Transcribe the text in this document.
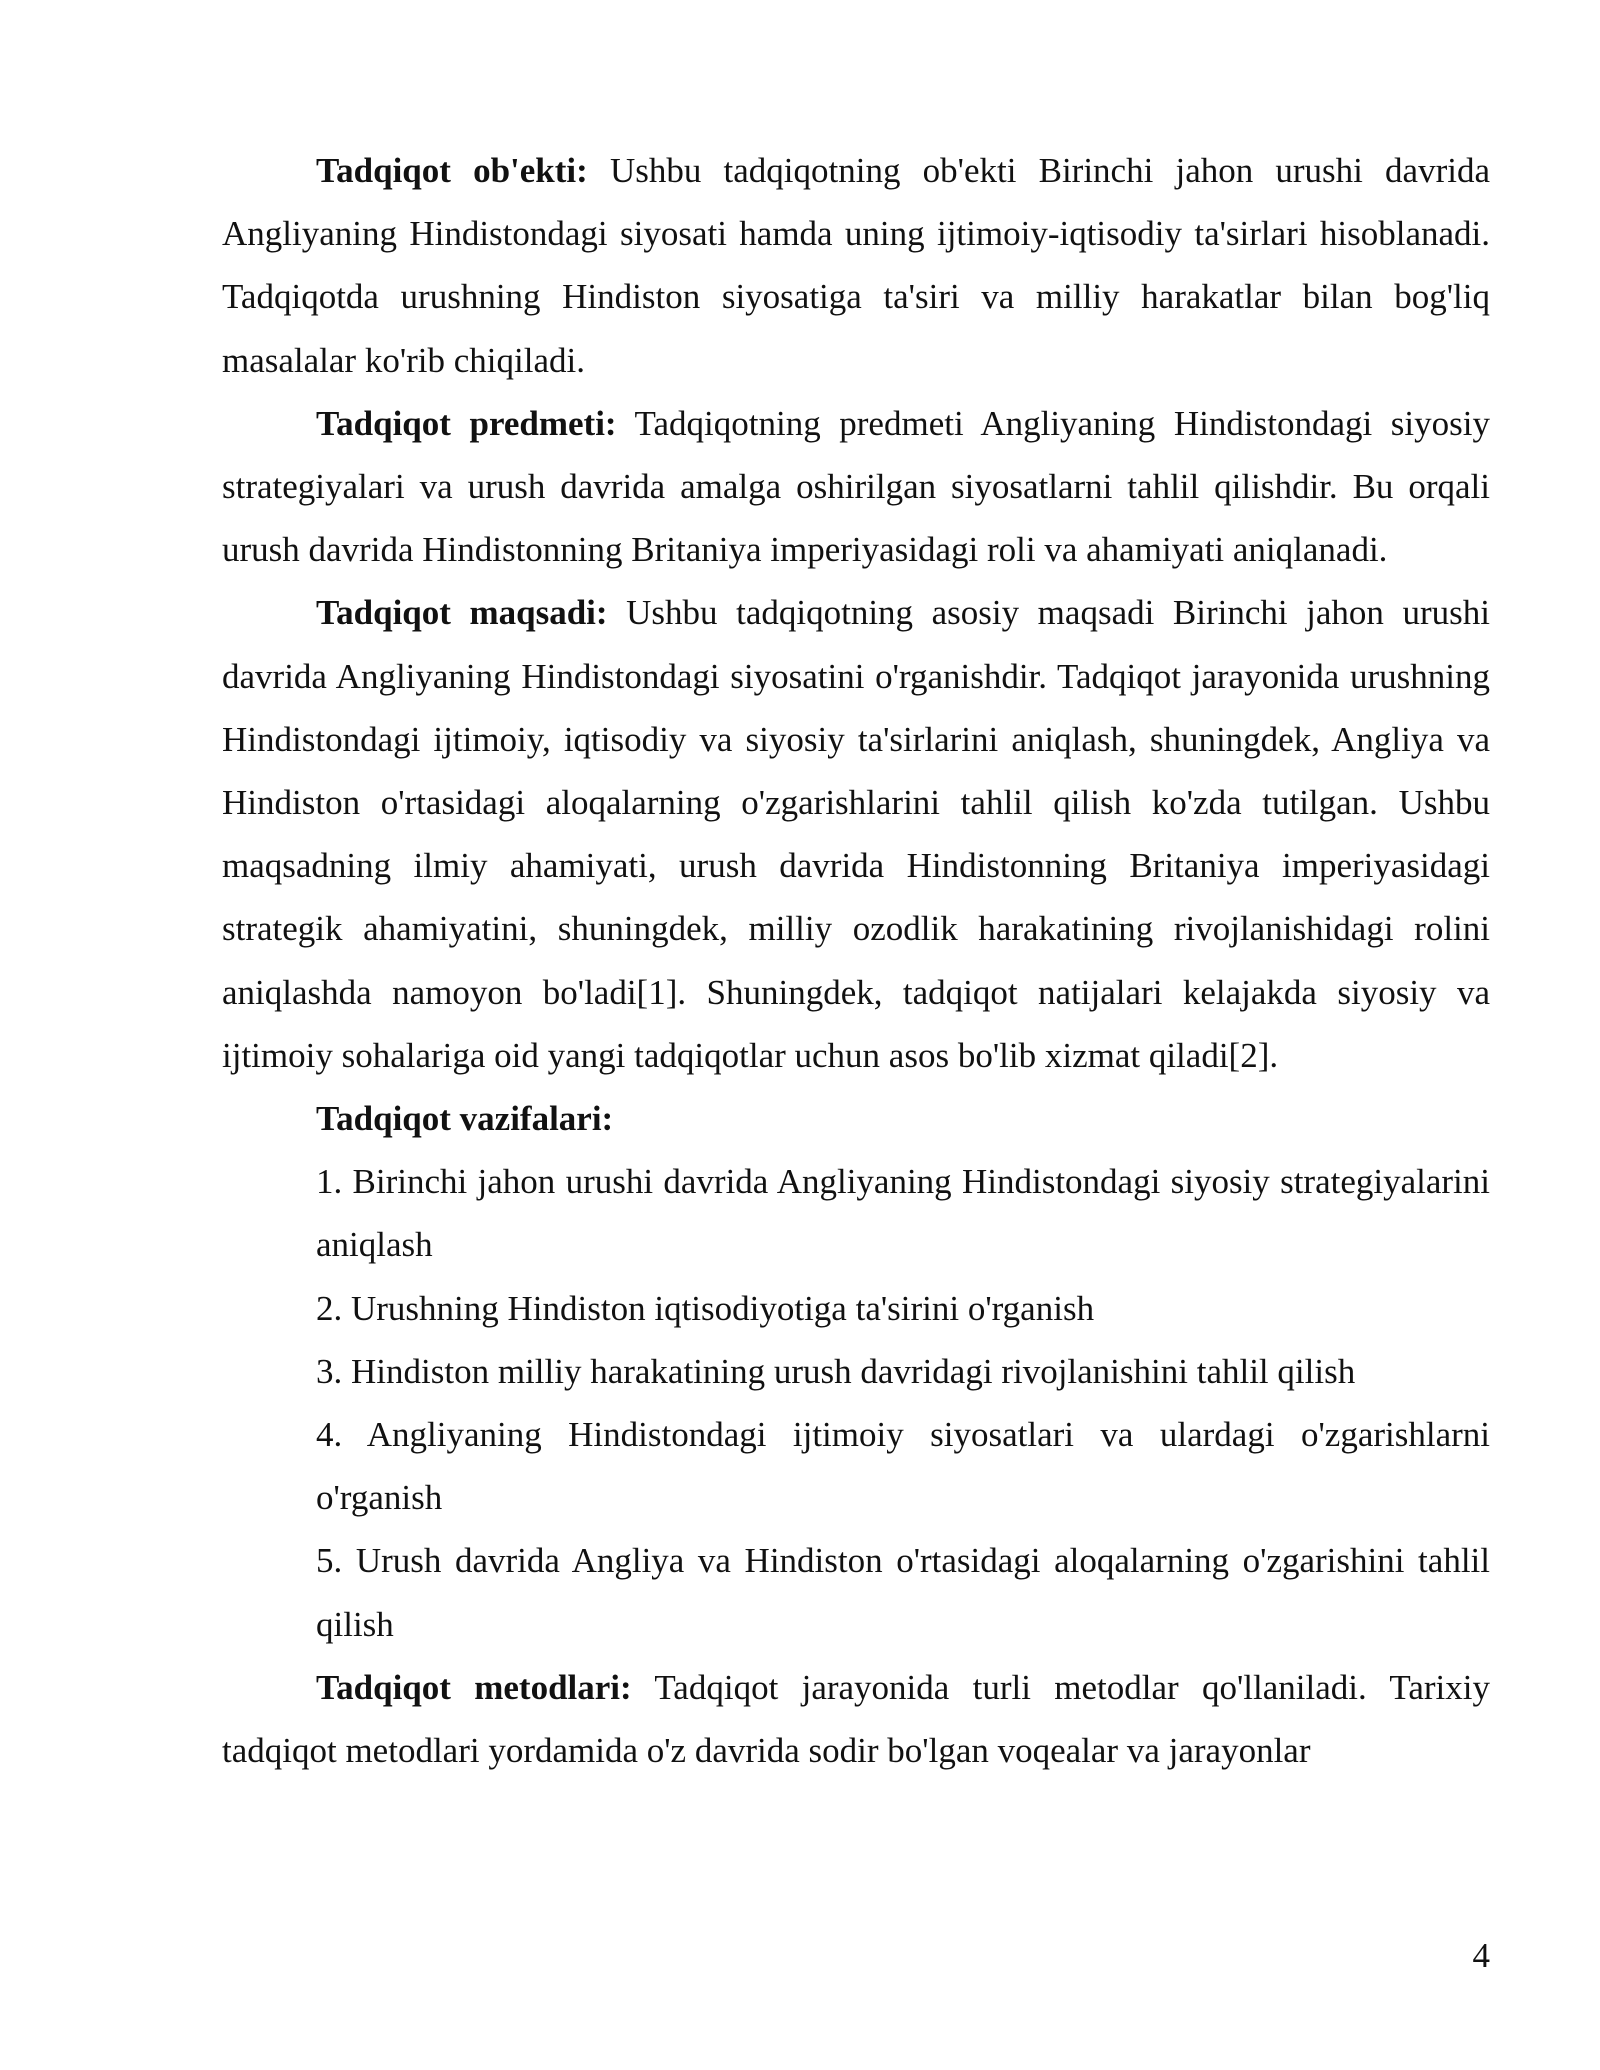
Tadqiqot ob'ekti: Ushbu tadqiqotning ob'ekti Birinchi jahon urushi davrida Angliyaning Hindistondagi siyosati hamda uning ijtimoiy-iqtisodiy ta'sirlari hisoblanadi. Tadqiqotda urushning Hindiston siyosatiga ta'siri va milliy harakatlar bilan bog'liq masalalar ko'rib chiqiladi.

Tadqiqot predmeti: Tadqiqotning predmeti Angliyaning Hindistondagi siyosiy strategiyalari va urush davrida amalga oshirilgan siyosatlarni tahlil qilishdir. Bu orqali urush davrida Hindistonning Britaniya imperiyasidagi roli va ahamiyati aniqlanadi.

Tadqiqot maqsadi: Ushbu tadqiqotning asosiy maqsadi Birinchi jahon urushi davrida Angliyaning Hindistondagi siyosatini o'rganishdir. Tadqiqot jarayonida urushning Hindistondagi ijtimoiy, iqtisodiy va siyosiy ta'sirlarini aniqlash, shuningdek, Angliya va Hindiston o'rtasidagi aloqalarning o'zgarishlarini tahlil qilish ko'zda tutilgan. Ushbu maqsadning ilmiy ahamiyati, urush davrida Hindistonning Britaniya imperiyasidagi strategik ahamiyatini, shuningdek, milliy ozodlik harakatining rivojlanishidagi rolini aniqlashda namoyon bo'ladi[1]. Shuningdek, tadqiqot natijalari kelajakda siyosiy va ijtimoiy sohalariga oid yangi tadqiqotlar uchun asos bo'lib xizmat qiladi[2].

Tadqiqot vazifalari:

1. Birinchi jahon urushi davrida Angliyaning Hindistondagi siyosiy strategiyalarini aniqlash

2. Urushning Hindiston iqtisodiyotiga ta'sirini o'rganish

3. Hindiston milliy harakatining urush davridagi rivojlanishini tahlil qilish

4. Angliyaning Hindistondagi ijtimoiy siyosatlari va ulardagi o'zgarishlarni o'rganish

5. Urush davrida Angliya va Hindiston o'rtasidagi aloqalarning o'zgarishini tahlil qilish

Tadqiqot metodlari: Tadqiqot jarayonida turli metodlar qo'llaniladi. Tarixiy tadqiqot metodlari yordamida o'z davrida sodir bo'lgan voqealar va jarayonlar

4
